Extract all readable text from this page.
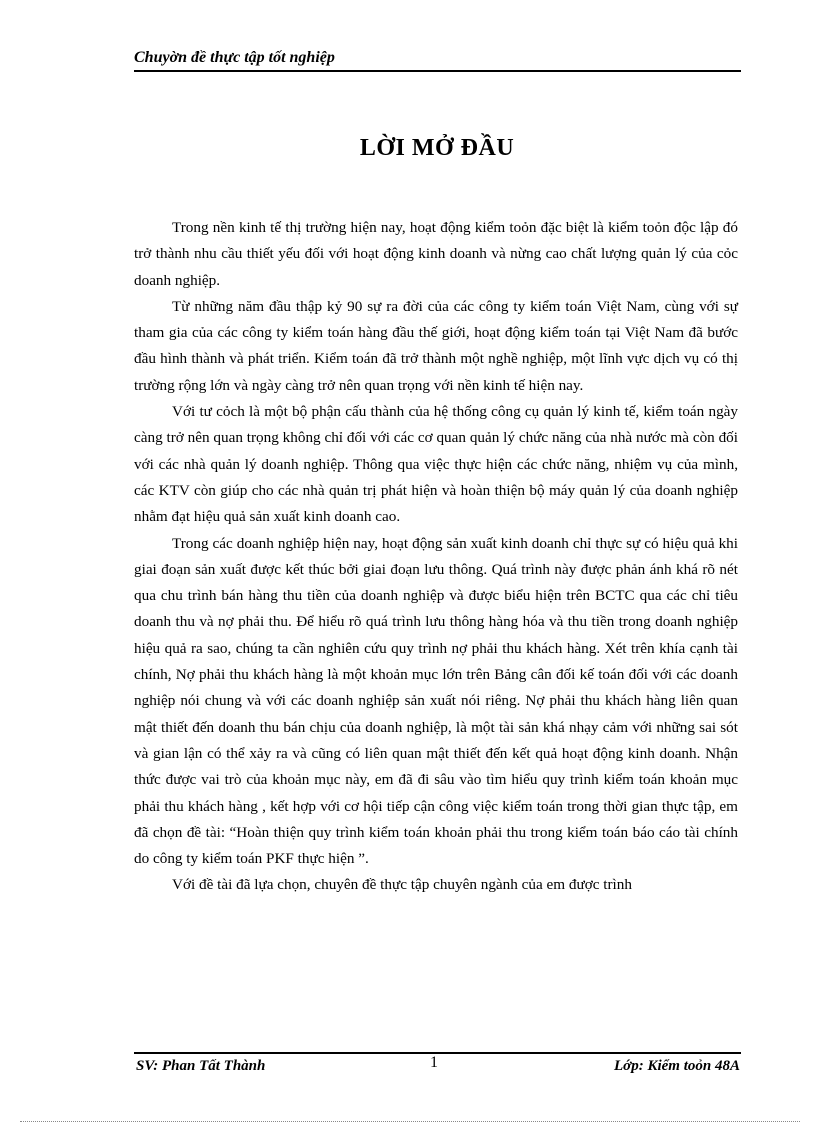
Chuyờn đề thực tập tốt nghiệp
LỜI MỞ ĐẦU

Trong nền kinh tế thị trường hiện nay, hoạt động kiểm toỏn đặc biệt là kiểm toỏn độc lập đó trở thành nhu cầu thiết yếu đối với hoạt động kinh doanh và nừng cao chất lượng quản lý của cỏc doanh nghiệp.

Từ những năm đầu thập kỷ 90 sự ra đời của các công ty kiểm toán Việt Nam, cùng với sự tham gia của các công ty kiểm toán hàng đầu thế giới, hoạt động kiểm toán tại Việt Nam đã bước đầu hình thành và phát triển. Kiểm toán đã trở thành một nghề nghiệp, một lĩnh vực dịch vụ có thị trường rộng lớn và ngày càng trở nên quan trọng với nền kinh tế hiện nay.

Với tư cỏch là một bộ phận cấu thành của hệ thống công cụ quản lý kinh tế, kiểm toán ngày càng trở nên quan trọng không chỉ đối với các cơ quan quản lý chức năng của nhà nước mà còn đối với các nhà quản lý doanh nghiệp. Thông qua việc thực hiện các chức năng, nhiệm vụ của mình, các KTV còn giúp cho các nhà quản trị phát hiện và hoàn thiện bộ máy quản lý của doanh nghiệp nhằm đạt hiệu quả sản xuất kinh doanh cao.

Trong các doanh nghiệp hiện nay, hoạt động sản xuất kinh doanh chỉ thực sự có hiệu quả khi giai đoạn sản xuất được kết thúc bởi giai đoạn lưu thông. Quá trình này được phản ánh khá rõ nét qua chu trình bán hàng thu tiền của doanh nghiệp và được biểu hiện trên BCTC qua các chỉ tiêu doanh thu và nợ phải thu. Để hiểu rõ quá trình lưu thông hàng hóa và thu tiền trong doanh nghiệp hiệu quả ra sao, chúng ta cần nghiên cứu quy trình nợ phải thu khách hàng. Xét trên khía cạnh tài chính, Nợ phải thu khách hàng là một khoản mục lớn trên Bảng cân đối kế toán đối với các doanh nghiệp nói chung và với các doanh nghiệp sản xuất nói riêng. Nợ phải thu khách hàng liên quan mật thiết đến doanh thu bán chịu của doanh nghiệp, là một tài sản khá nhạy cảm với những sai sót và gian lận có thể xảy ra và cũng có liên quan mật thiết đến kết quả hoạt động kinh doanh. Nhận thức được vai trò của khoản mục này, em đã đi sâu vào tìm hiểu quy trình kiểm toán khoản mục phải thu khách hàng , kết hợp với cơ hội tiếp cận công việc kiểm toán trong thời gian thực tập, em đã chọn đề tài: “Hoàn thiện quy trình kiểm toán khoản phải thu trong kiểm toán báo cáo tài chính do công ty kiểm toán PKF thực hiện ”.

Với đề tài đã lựa chọn, chuyên đề thực tập chuyên ngành của em được trình

SV: Phan Tất Thành	1	Lớp: Kiểm toỏn 48A
